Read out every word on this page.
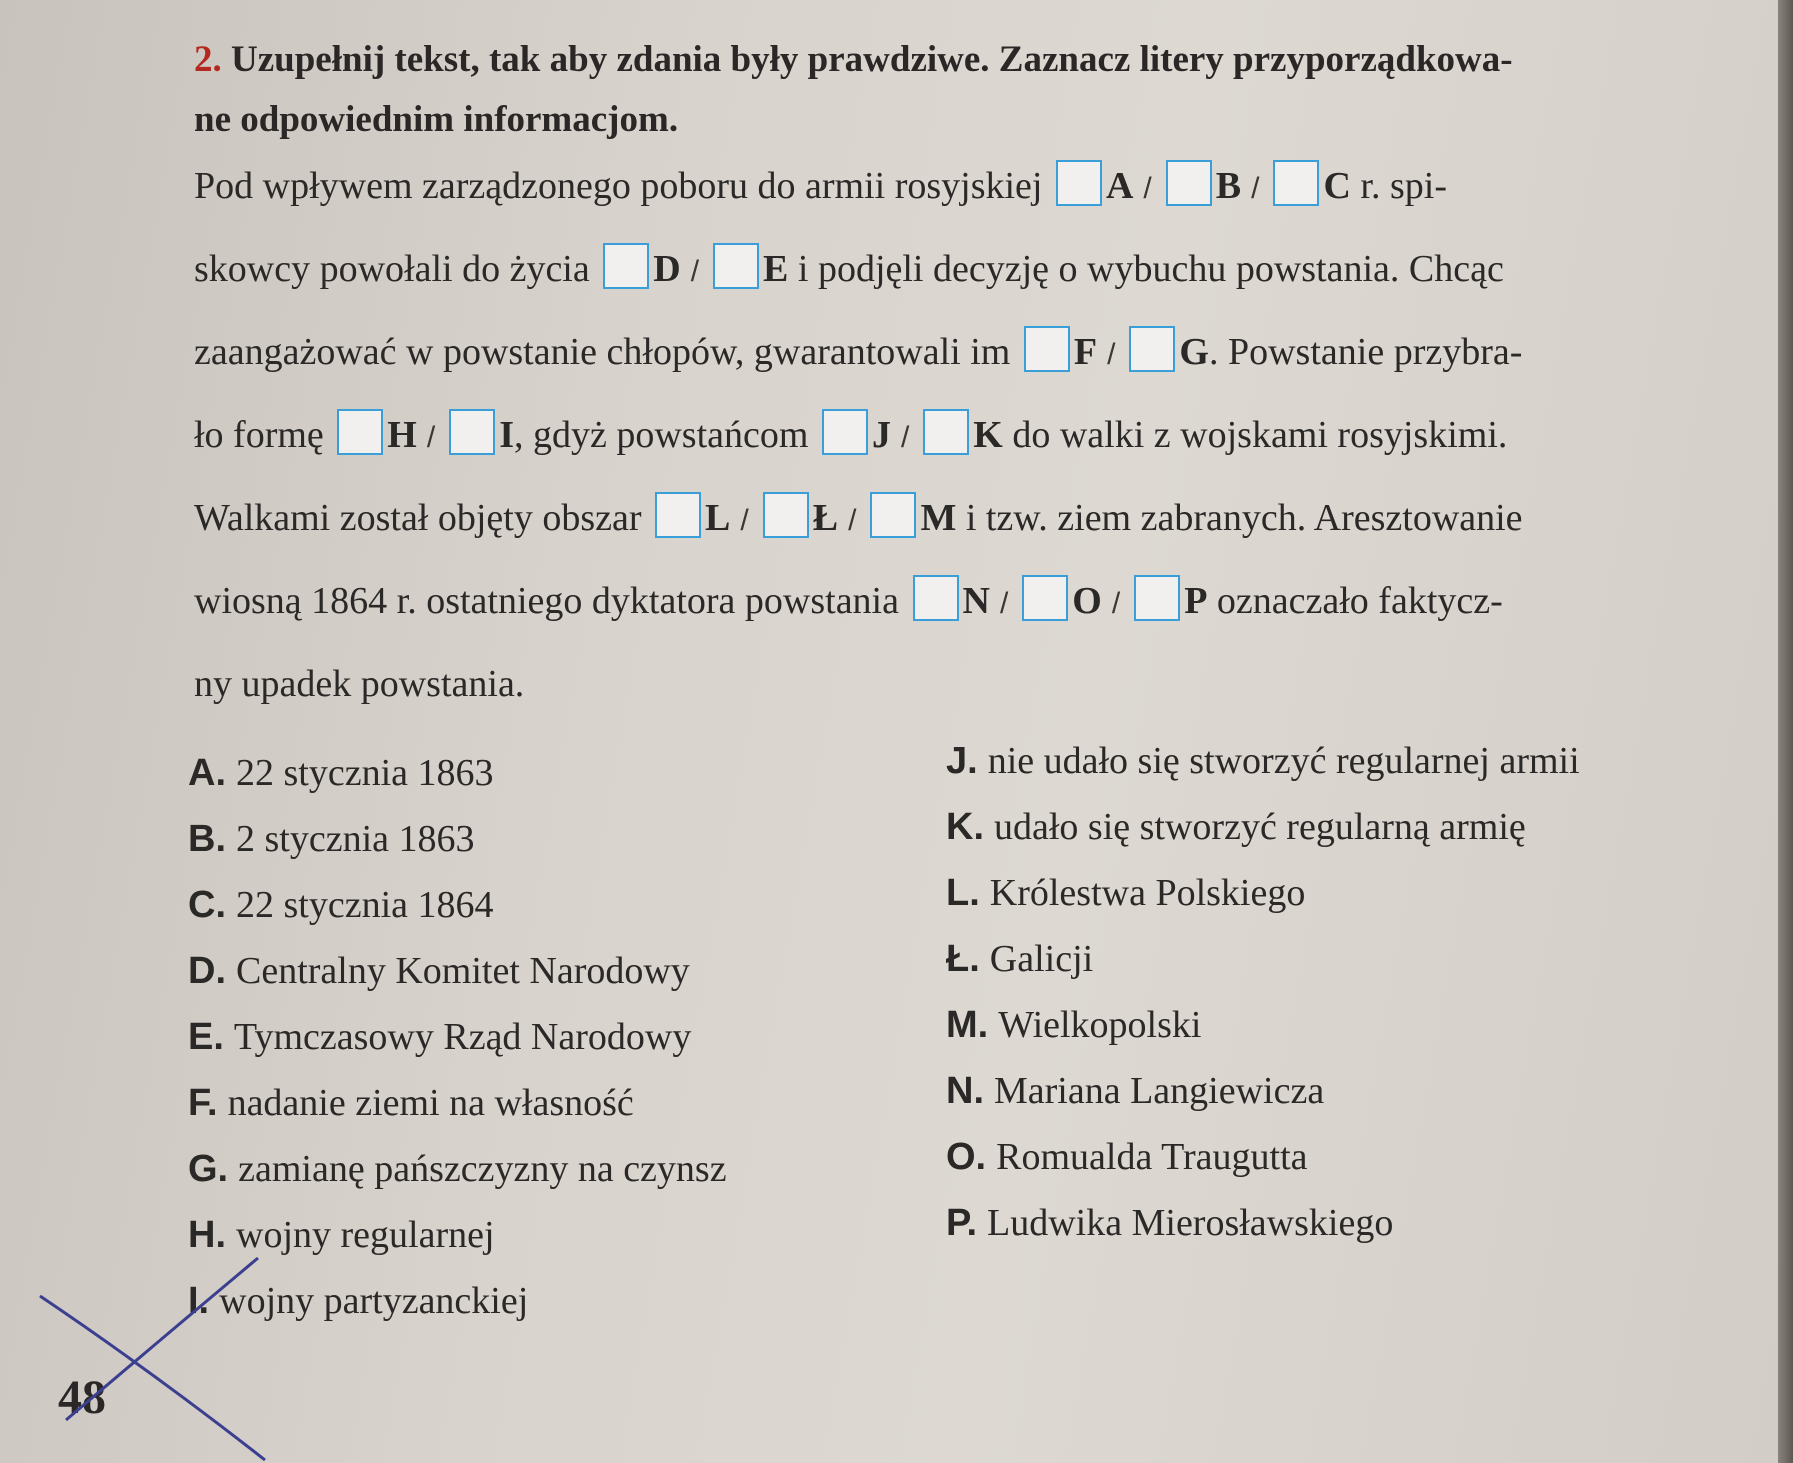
2. Uzupełnij tekst, tak aby zdania były prawdziwe. Zaznacz litery przyporządkowa-
ne odpowiednim informacjom.
Pod wpływem zarządzonego poboru do armii rosyjskiej A / B / C r. spi-
skowcy powołali do życia D / E i podjęli decyzję o wybuchu powstania. Chcąc
zaangażować w powstanie chłopów, gwarantowali im F / G. Powstanie przybra-
ło formę H / I, gdyż powstańcom J / K do walki z wojskami rosyjskimi.
Walkami został objęty obszar L / Ł / M i tzw. ziem zabranych. Aresztowanie
wiosną 1864 r. ostatniego dyktatora powstania N / O / P oznaczało faktycz-
ny upadek powstania.
A. 22 stycznia 1863
B. 2 stycznia 1863
C. 22 stycznia 1864
D. Centralny Komitet Narodowy
E. Tymczasowy Rząd Narodowy
F. nadanie ziemi na własność
G. zamianę pańszczyzny na czynsz
H. wojny regularnej
I. wojny partyzanckiej
J. nie udało się stworzyć regularnej armii
K. udało się stworzyć regularną armię
L. Królestwa Polskiego
Ł. Galicji
M. Wielkopolski
N. Mariana Langiewicza
O. Romualda Traugutta
P. Ludwika Mierosławskiego
48
